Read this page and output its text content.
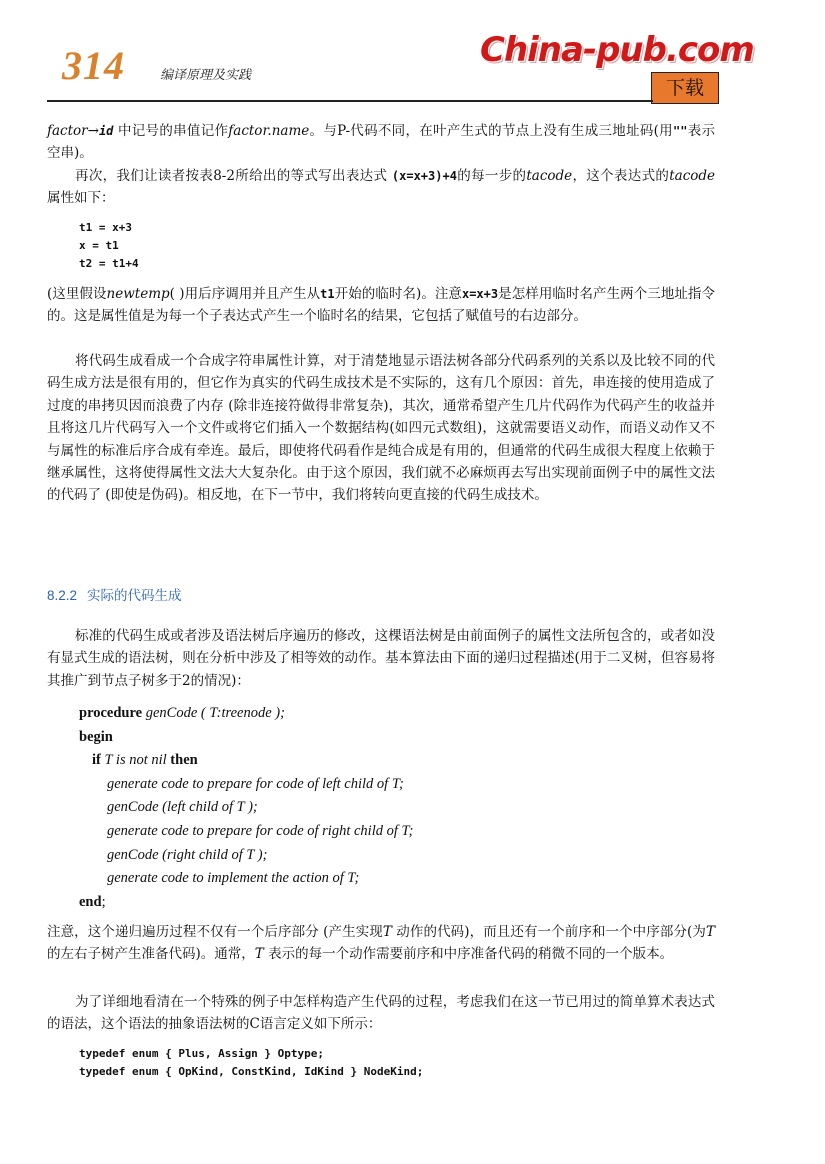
314	编译原理及实践
China-pub.com
下载

factor→id 中记号的串值记作factor.name。与P-代码不同，在叶产生式的节点上没有生成三地址码(用""表示空串)。

再次，我们让读者按表8-2所给出的等式写出表达式 (x=x+3)+4的每一步的tacode，这个表达式的tacode属性如下：

t1 = x+3
x = t1
t2 = t1+4

(这里假设newtemp( )用后序调用并且产生从t1开始的临时名)。注意x=x+3是怎样用临时名产生两个三地址指令的。这是属性值是为每一个子表达式产生一个临时名的结果，它包括了赋值号的右边部分。

将代码生成看成一个合成字符串属性计算，对于清楚地显示语法树各部分代码系列的关系以及比较不同的代码生成方法是很有用的，但它作为真实的代码生成技术是不实际的，这有几个原因：首先，串连接的使用造成了过度的串拷贝因而浪费了内存 (除非连接符做得非常复杂)，其次，通常希望产生几片代码作为代码产生的收益并且将这几片代码写入一个文件或将它们插入一个数据结构(如四元式数组)，这就需要语义动作，而语义动作又不与属性的标准后序合成有牵连。最后，即使将代码看作是纯合成是有用的，但通常的代码生成很大程度上依赖于继承属性，这将使得属性文法大大复杂化。由于这个原因，我们就不必麻烦再去写出实现前面例子中的属性文法的代码了 (即使是伪码)。相反地，在下一节中，我们将转向更直接的代码生成技术。

8.2.2 实际的代码生成

标准的代码生成或者涉及语法树后序遍历的修改，这棵语法树是由前面例子的属性文法所包含的，或者如没有显式生成的语法树，则在分析中涉及了相等效的动作。基本算法由下面的递归过程描述(用于二叉树，但容易将其推广到节点子树多于2的情况)：

procedure genCode ( T:treenode );
begin
if T is not nil then
generate code to prepare for code of left child of T;
genCode (left child of T );
generate code to prepare for code of right child of T;
genCode (right child of T );
generate code to implement the action of T;
end;

注意，这个递归遍历过程不仅有一个后序部分 (产生实现T 动作的代码)，而且还有一个前序和一个中序部分(为T 的左右子树产生准备代码)。通常，T 表示的每一个动作需要前序和中序准备代码的稍微不同的一个版本。

为了详细地看清在一个特殊的例子中怎样构造产生代码的过程，考虑我们在这一节已用过的简单算术表达式的语法，这个语法的抽象语法树的C语言定义如下所示：

typedef enum { Plus, Assign } Optype;
typedef enum { OpKind, ConstKind, IdKind } NodeKind;
